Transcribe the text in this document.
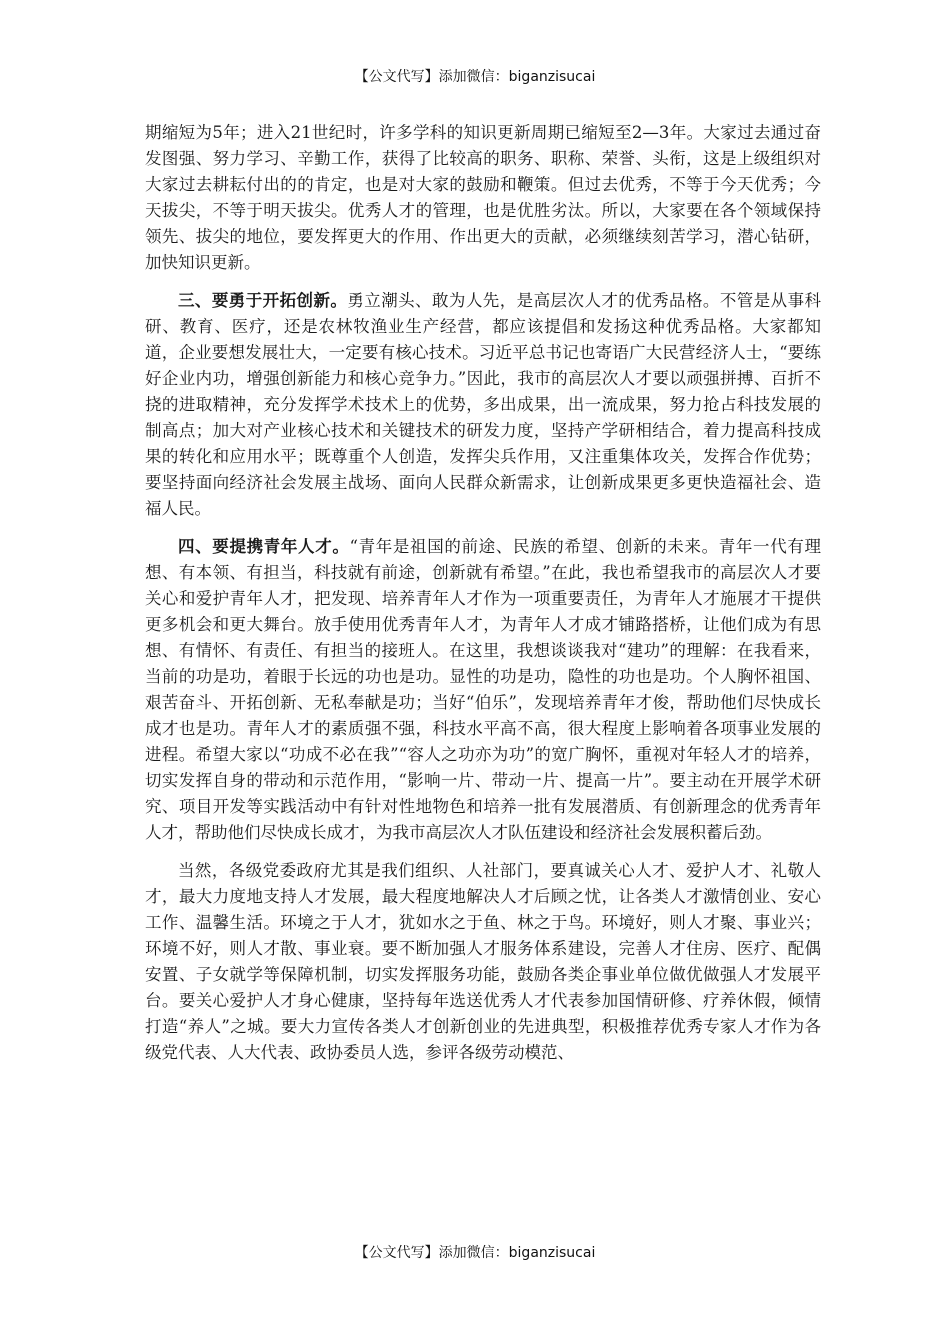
【公文代写】添加微信：biganzisucai

期缩短为5年；进入21世纪时，许多学科的知识更新周期已缩短至2—3年。大家过去通过奋发图强、努力学习、辛勤工作，获得了比较高的职务、职称、荣誉、头衔，这是上级组织对大家过去耕耘付出的的肯定，也是对大家的鼓励和鞭策。但过去优秀，不等于今天优秀；今天拔尖，不等于明天拔尖。优秀人才的管理，也是优胜劣汰。所以，大家要在各个领域保持领先、拔尖的地位，要发挥更大的作用、作出更大的贡献，必须继续刻苦学习，潜心钻研，加快知识更新。

三、要勇于开拓创新。勇立潮头、敢为人先，是高层次人才的优秀品格。不管是从事科研、教育、医疗，还是农林牧渔业生产经营，都应该提倡和发扬这种优秀品格。大家都知道，企业要想发展壮大，一定要有核心技术。习近平总书记也寄语广大民营经济人士，“要练好企业内功，增强创新能力和核心竞争力。”因此，我市的高层次人才要以顽强拼搏、百折不挠的进取精神，充分发挥学术技术上的优势，多出成果，出一流成果，努力抢占科技发展的制高点；加大对产业核心技术和关键技术的研发力度，坚持产学研相结合，着力提高科技成果的转化和应用水平；既尊重个人创造，发挥尖兵作用，又注重集体攻关，发挥合作优势；要坚持面向经济社会发展主战场、面向人民群众新需求，让创新成果更多更快造福社会、造福人民。

四、要提携青年人才。“青年是祖国的前途、民族的希望、创新的未来。青年一代有理想、有本领、有担当，科技就有前途，创新就有希望。”在此，我也希望我市的高层次人才要关心和爱护青年人才，把发现、培养青年人才作为一项重要责任，为青年人才施展才干提供更多机会和更大舞台。放手使用优秀青年人才，为青年人才成才铺路搭桥，让他们成为有思想、有情怀、有责任、有担当的接班人。在这里，我想谈谈我对“建功”的理解：在我看来，当前的功是功，着眼于长远的功也是功。显性的功是功，隐性的功也是功。个人胸怀祖国、艰苦奋斗、开拓创新、无私奉献是功；当好“伯乐”，发现培养青年才俊，帮助他们尽快成长成才也是功。青年人才的素质强不强，科技水平高不高，很大程度上影响着各项事业发展的进程。希望大家以“功成不必在我”“容人之功亦为功”的宽广胸怀，重视对年轻人才的培养，切实发挥自身的带动和示范作用，“影响一片、带动一片、提高一片”。要主动在开展学术研究、项目开发等实践活动中有针对性地物色和培养一批有发展潜质、有创新理念的优秀青年人才，帮助他们尽快成长成才，为我市高层次人才队伍建设和经济社会发展积蓄后劲。

当然，各级党委政府尤其是我们组织、人社部门，要真诚关心人才、爱护人才、礼敬人才，最大力度地支持人才发展，最大程度地解决人才后顾之忧，让各类人才激情创业、安心工作、温馨生活。环境之于人才，犹如水之于鱼、林之于鸟。环境好，则人才聚、事业兴；环境不好，则人才散、事业衰。要不断加强人才服务体系建设，完善人才住房、医疗、配偶安置、子女就学等保障机制，切实发挥服务功能，鼓励各类企事业单位做优做强人才发展平台。要关心爱护人才身心健康，坚持每年选送优秀人才代表参加国情研修、疗养休假，倾情打造“养人”之城。要大力宣传各类人才创新创业的先进典型，积极推荐优秀专家人才作为各级党代表、人大代表、政协委员人选，参评各级劳动模范、

【公文代写】添加微信：biganzisucai
